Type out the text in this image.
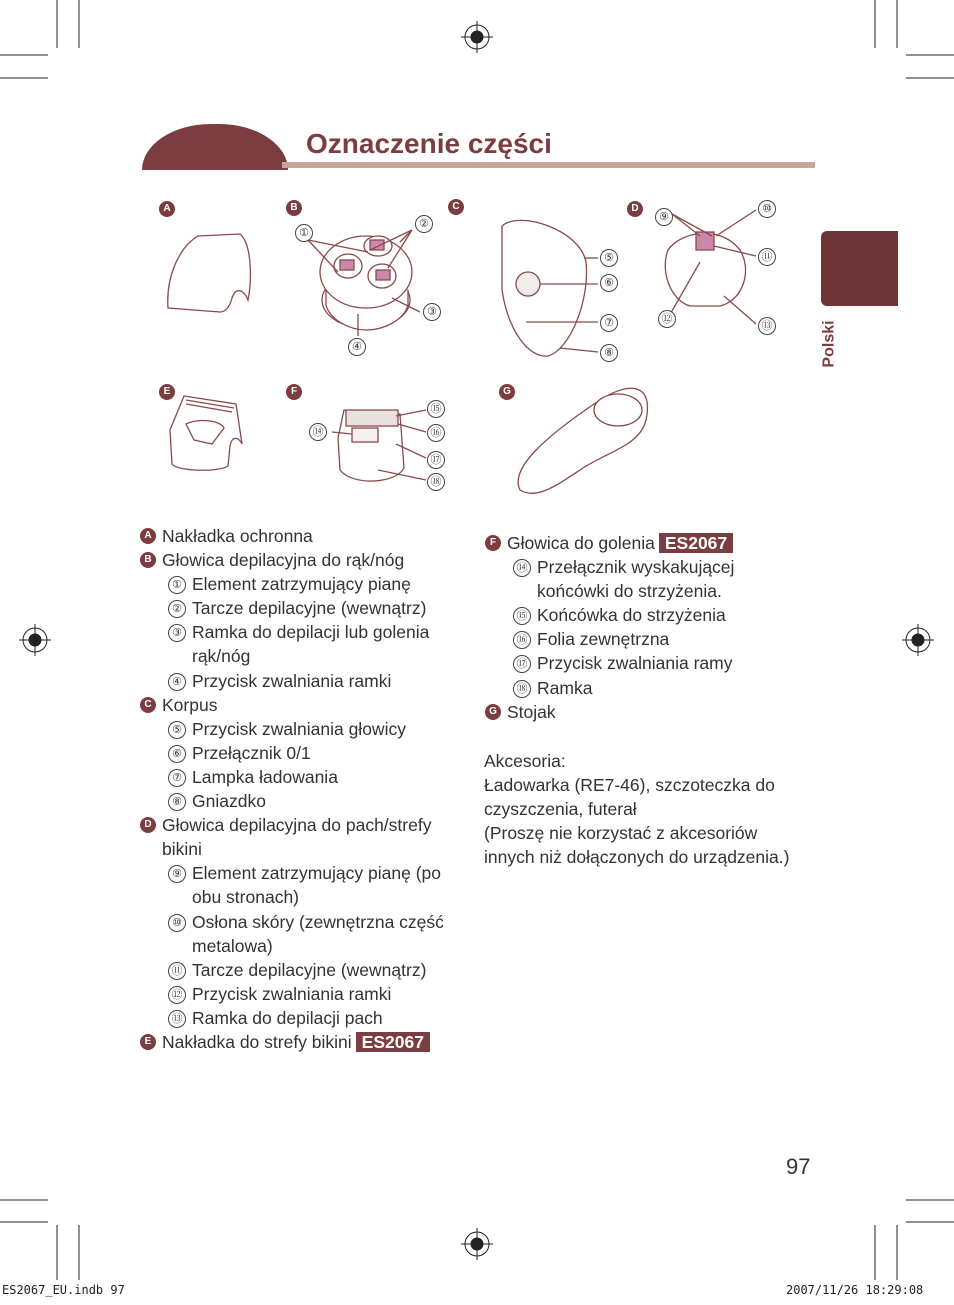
Oznaczenie części
Polski
A	B	C	D
E	F	G
①
②
③
④
⑤
⑥
⑦
⑧
⑨
⑩
⑪
⑫
⑬
⑭
⑮
⑯
⑰
⑱
A Nakładka ochronna
B Głowica depilacyjna do rąk/nóg
① Element zatrzymujący pianę
② Tarcze depilacyjne (wewnątrz)
③ Ramka do depilacji lub golenia
rąk/nóg
④ Przycisk zwalniania ramki
C Korpus
⑤ Przycisk zwalniania głowicy
⑥ Przełącznik 0/1
⑦ Lampka ładowania
⑧ Gniazdko
D Głowica depilacyjna do pach/strefy
bikini
⑨ Element zatrzymujący pianę (po
obu stronach)
⑩ Osłona skóry (zewnętrzna część
metalowa)
⑪ Tarcze depilacyjne (wewnątrz)
⑫ Przycisk zwalniania ramki
⑬ Ramka do depilacji pach
E Nakładka do strefy bikini ES2067
F Głowica do golenia ES2067
⑭ Przełącznik wyskakującej
końcówki do strzyżenia.
⑮ Końcówka do strzyżenia
⑯ Folia zewnętrzna
⑰ Przycisk zwalniania ramy
⑱ Ramka
G Stojak
Akcesoria:
Ładowarka (RE7-46), szczoteczka do
czyszczenia, futerał
(Proszę nie korzystać z akcesoriów
innych niż dołączonych do urządzenia.)
97
ES2067_EU.indb 97	2007/11/26 18:29:08
